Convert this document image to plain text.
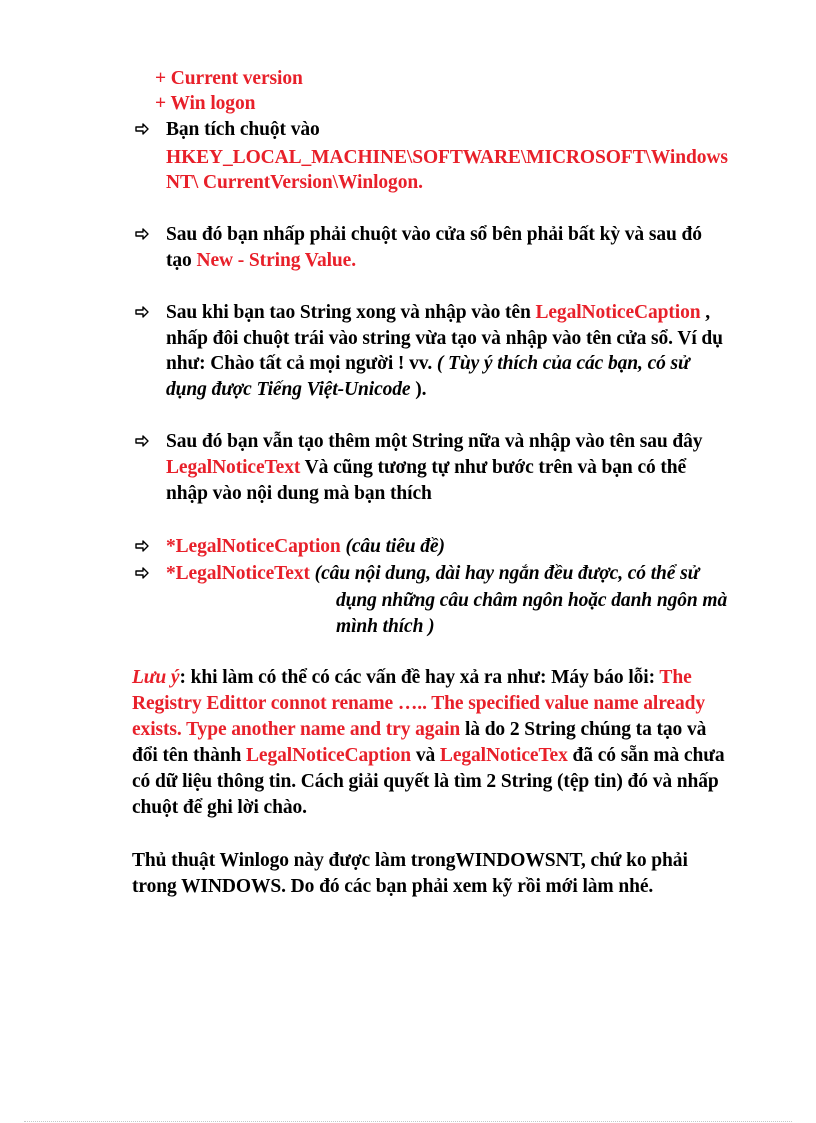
+ Current version
+ Win logon
Bạn tích chuột vào
HKEY_LOCAL_MACHINE\SOFTWARE\MICROSOFT\Windows
NT\ CurrentVersion\Winlogon.
Sau đó bạn nhấp phải chuột vào cửa sổ bên phải bất kỳ và sau đó
tạo New - String Value.
Sau khi bạn tao String xong và nhập vào tên LegalNoticeCaption ,
nhấp đôi chuột trái vào string vừa tạo và nhập vào tên cửa sổ. Ví dụ
như: Chào tất cả mọi người ! vv. ( Tùy ý thích của các bạn, có sử
dụng được Tiếng Việt-Unicode ).
Sau đó bạn vẫn tạo thêm một String nữa và nhập vào tên sau đây
LegalNoticeText Và cũng tương tự như bước trên và bạn có thể
nhập vào nội dung mà bạn thích
*LegalNoticeCaption (câu tiêu đề)
*LegalNoticeText (câu nội dung, dài hay ngắn đều được, có thể sử
dụng những câu châm ngôn hoặc danh ngôn mà
mình thích )
Lưu ý: khi làm có thể có các vấn đề hay xả ra như: Máy báo lỗi: The
Registry Edittor connot rename ….. The specified value name already
exists. Type another name and try again là do 2 String chúng ta tạo và
đổi tên thành LegalNoticeCaption và LegalNoticeTex đã có sẵn mà chưa
có dữ liệu thông tin. Cách giải quyết là tìm 2 String (tệp tin) đó và nhấp
chuột để ghi lời chào.
Thủ thuật Winlogo này được làm trongWINDOWSNT, chứ ko phải
trong WINDOWS. Do đó các bạn phải xem kỹ rồi mới làm nhé.
